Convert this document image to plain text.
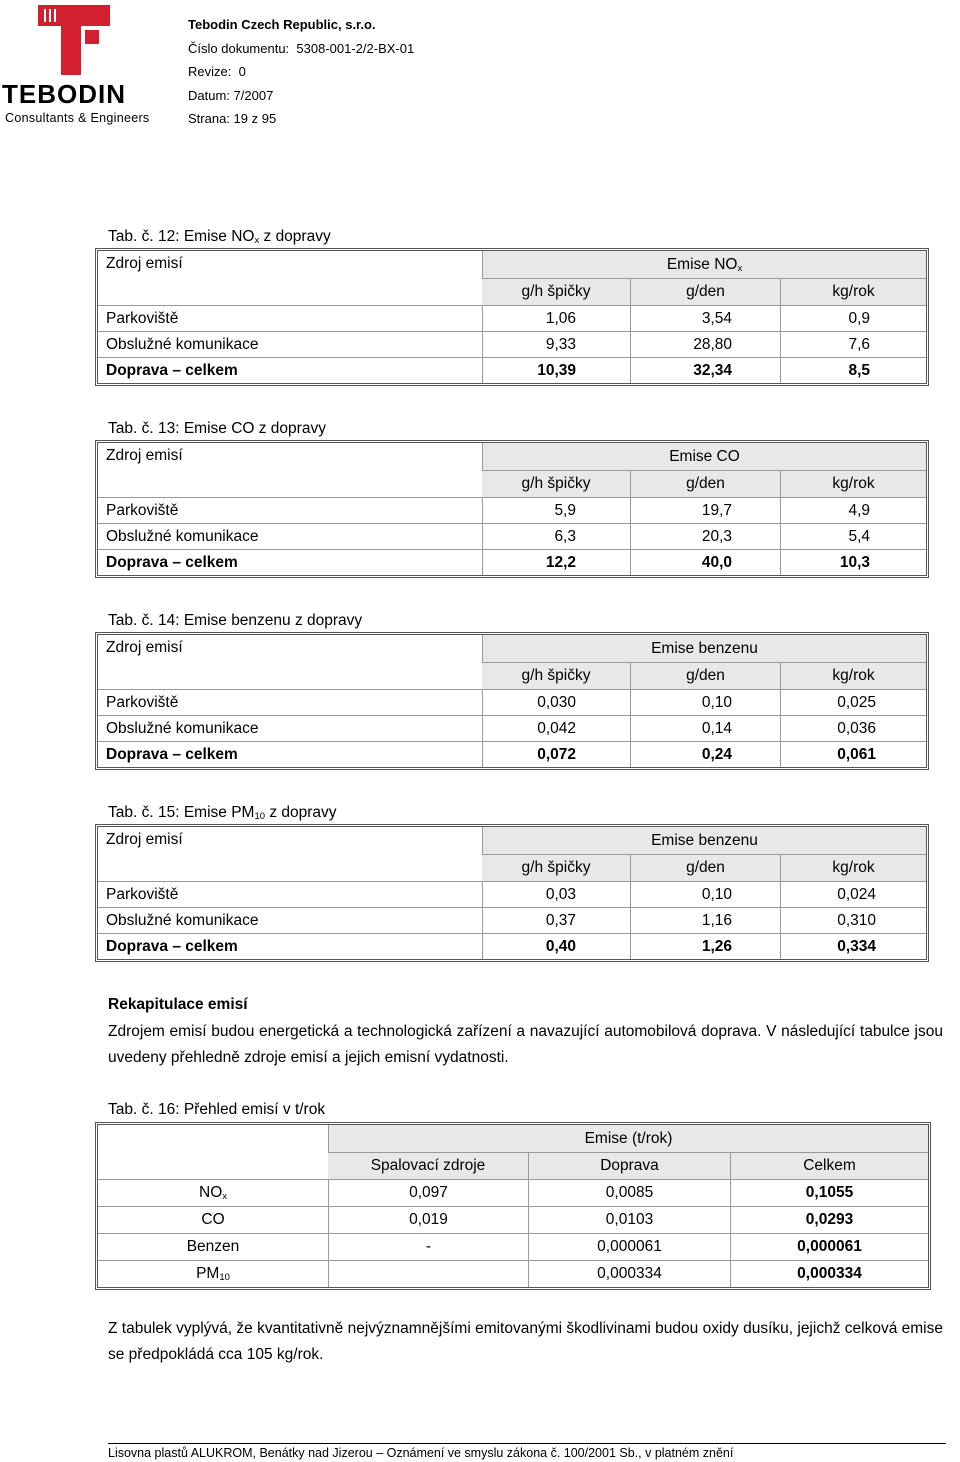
TEBODIN
Consultants & Engineers
Tebodin Czech Republic, s.r.o.
Číslo dokumentu: 5308-001-2/2-BX-01
Revize: 0
Datum: 7/2007
Strana: 19 z 95
Tab. č. 12: Emise $NO_x$ z dopravy
Zdroj emisí	Emise $NO_x$
	g/h špičky	g/den	kg/rok
Parkoviště	1,06	3,54	0,9
Obslužné komunikace	9,33	28,80	7,6
Doprava – celkem	10,39	32,34	8,5
Tab. č. 13: Emise CO z dopravy
Zdroj emisí	Emise CO		
	g/h špičky	g/den	kg/rok
Parkoviště	5,9	19,7	4,9
Obslužné komunikace	6,3	20,3	5,4
Doprava – celkem	12,2	40,0	10,3
Tab. č. 14: Emise benzenu z dopravy
Zdroj emisí	Emise benzenu		
	g/h špičky	g/den	kg/rok
Parkoviště	0,030	0,10	0,025
Obslužné komunikace	0,042	0,14	0,036
Doprava – celkem	0,072	0,24	0,061
Tab. č. 15: Emise $PM_{10}$ z dopravy
Zdroj emisí	Emise benzenu		
	g/h špičky	g/den	kg/rok
Parkoviště	0,03	0,10	0,024
Obslužné komunikace	0,37	1,16	0,310
Doprava – celkem	0,40	1,26	0,334
Rekapitulace emisí
Zdrojem emisí budou energetická a technologická zařízení a navazující automobilová doprava. V následující tabulce jsou uvedeny přehledně zdroje emisí a jejich emisní vydatnosti.
Tab. č. 16: Přehled emisí v t/rok
	Emise (t/rok)		
	Spalovací zdroje	Doprava	Celkem
$NO_x$	0,097	0,0085	0,1055
CO	0,019	0,0103	0,0293
Benzen	-	0,000061	0,000061
$PM_{10}$		0,000334	0,000334
Z tabulek vyplývá, že kvantitativně nejvýznamnějšími emitovanými škodlivinami budou oxidy dusíku, jejichž celková emise se předpokládá cca 105 kg/rok.
Lisovna plastů ALUKROM, Benátky nad Jizerou – Oznámení ve smyslu zákona č. 100/2001 Sb., v platném znění
